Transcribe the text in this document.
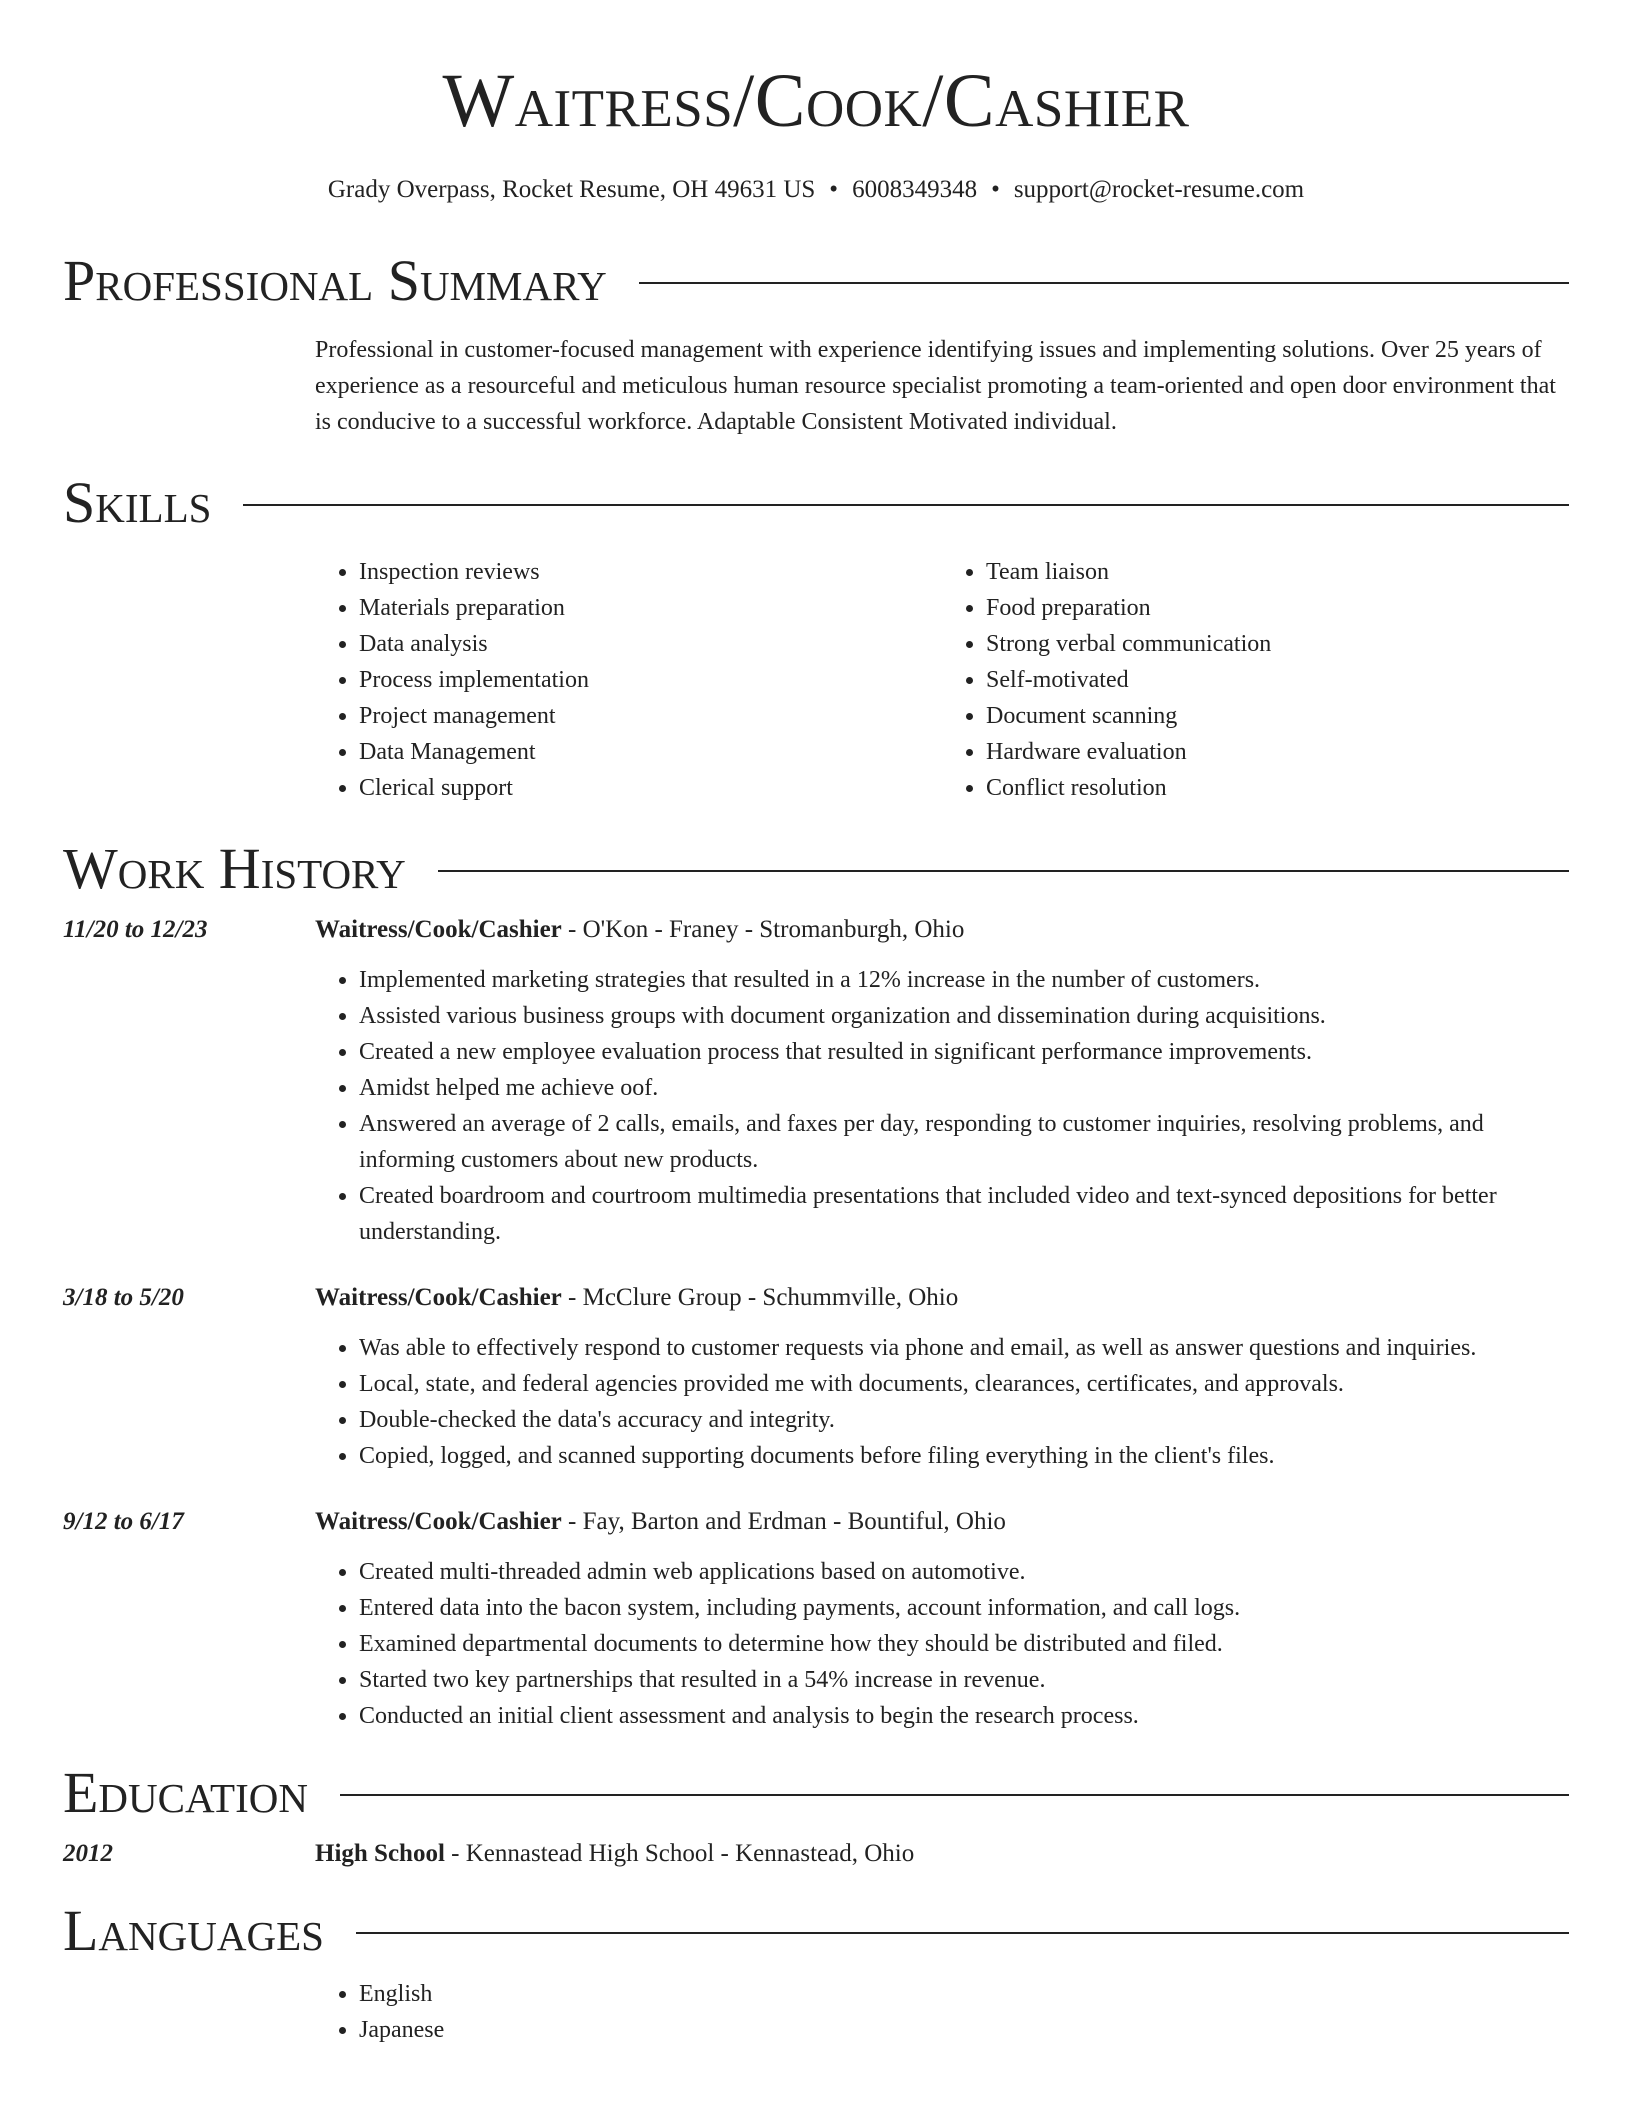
Waitress/Cook/Cashier
Grady Overpass, Rocket Resume, OH 49631 US • 6008349348 • support@rocket-resume.com
Professional Summary
Professional in customer-focused management with experience identifying issues and implementing solutions. Over 25 years of experience as a resourceful and meticulous human resource specialist promoting a team-oriented and open door environment that is conducive to a successful workforce. Adaptable Consistent Motivated individual.
Skills
• Inspection reviews
• Materials preparation
• Data analysis
• Process implementation
• Project management
• Data Management
• Clerical support
• Team liaison
• Food preparation
• Strong verbal communication
• Self-motivated
• Document scanning
• Hardware evaluation
• Conflict resolution
Work History
11/20 to 12/23	Waitress/Cook/Cashier - O'Kon - Franey - Stromanburgh, Ohio
• Implemented marketing strategies that resulted in a 12% increase in the number of customers.
• Assisted various business groups with document organization and dissemination during acquisitions.
• Created a new employee evaluation process that resulted in significant performance improvements.
• Amidst helped me achieve oof.
• Answered an average of 2 calls, emails, and faxes per day, responding to customer inquiries, resolving problems, and informing customers about new products.
• Created boardroom and courtroom multimedia presentations that included video and text-synced depositions for better understanding.
3/18 to 5/20	Waitress/Cook/Cashier - McClure Group - Schummville, Ohio
• Was able to effectively respond to customer requests via phone and email, as well as answer questions and inquiries.
• Local, state, and federal agencies provided me with documents, clearances, certificates, and approvals.
• Double-checked the data's accuracy and integrity.
• Copied, logged, and scanned supporting documents before filing everything in the client's files.
9/12 to 6/17	Waitress/Cook/Cashier - Fay, Barton and Erdman - Bountiful, Ohio
• Created multi-threaded admin web applications based on automotive.
• Entered data into the bacon system, including payments, account information, and call logs.
• Examined departmental documents to determine how they should be distributed and filed.
• Started two key partnerships that resulted in a 54% increase in revenue.
• Conducted an initial client assessment and analysis to begin the research process.
Education
2012	High School - Kennastead High School - Kennastead, Ohio
Languages
• English
• Japanese
